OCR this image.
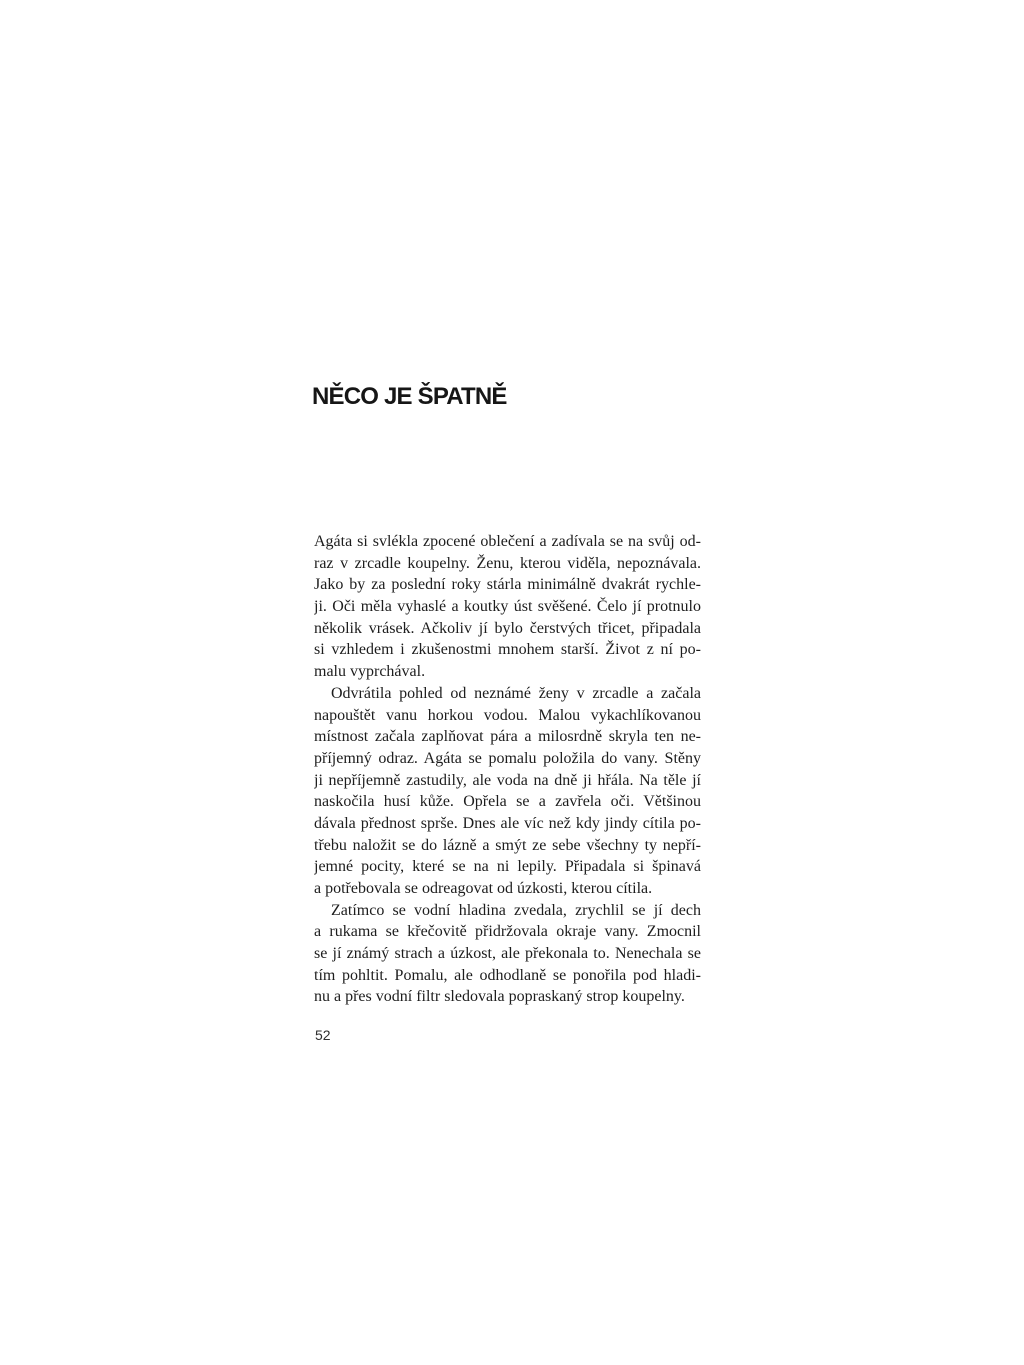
NĚCO JE ŠPATNĚ
Agáta si svlékla zpocené oblečení a zadívala se na svůj od-
raz v zrcadle koupelny. Ženu, kterou viděla, nepoznávala.
Jako by za poslední roky stárla minimálně dvakrát rychle-
ji. Oči měla vyhaslé a koutky úst svěšené. Čelo jí protnulo
několik vrásek. Ačkoliv jí bylo čerstvých třicet, připadala
si vzhledem i zkušenostmi mnohem starší. Život z ní po-
malu vyprchával.
Odvrátila pohled od neznámé ženy v zrcadle a začala
napouštět vanu horkou vodou. Malou vykachlíkovanou
místnost začala zaplňovat pára a milosrdně skryla ten ne-
příjemný odraz. Agáta se pomalu položila do vany. Stěny
ji nepříjemně zastudily, ale voda na dně ji hřála. Na těle jí
naskočila husí kůže. Opřela se a zavřela oči. Většinou
dávala přednost sprše. Dnes ale víc než kdy jindy cítila po-
třebu naložit se do lázně a smýt ze sebe všechny ty nepří-
jemné pocity, které se na ni lepily. Připadala si špinavá
a potřebovala se odreagovat od úzkosti, kterou cítila.
Zatímco se vodní hladina zvedala, zrychlil se jí dech
a rukama se křečovitě přidržovala okraje vany. Zmocnil
se jí známý strach a úzkost, ale překonala to. Nenechala se
tím pohltit. Pomalu, ale odhodlaně se ponořila pod hladi-
nu a přes vodní filtr sledovala popraskaný strop koupelny.
52
